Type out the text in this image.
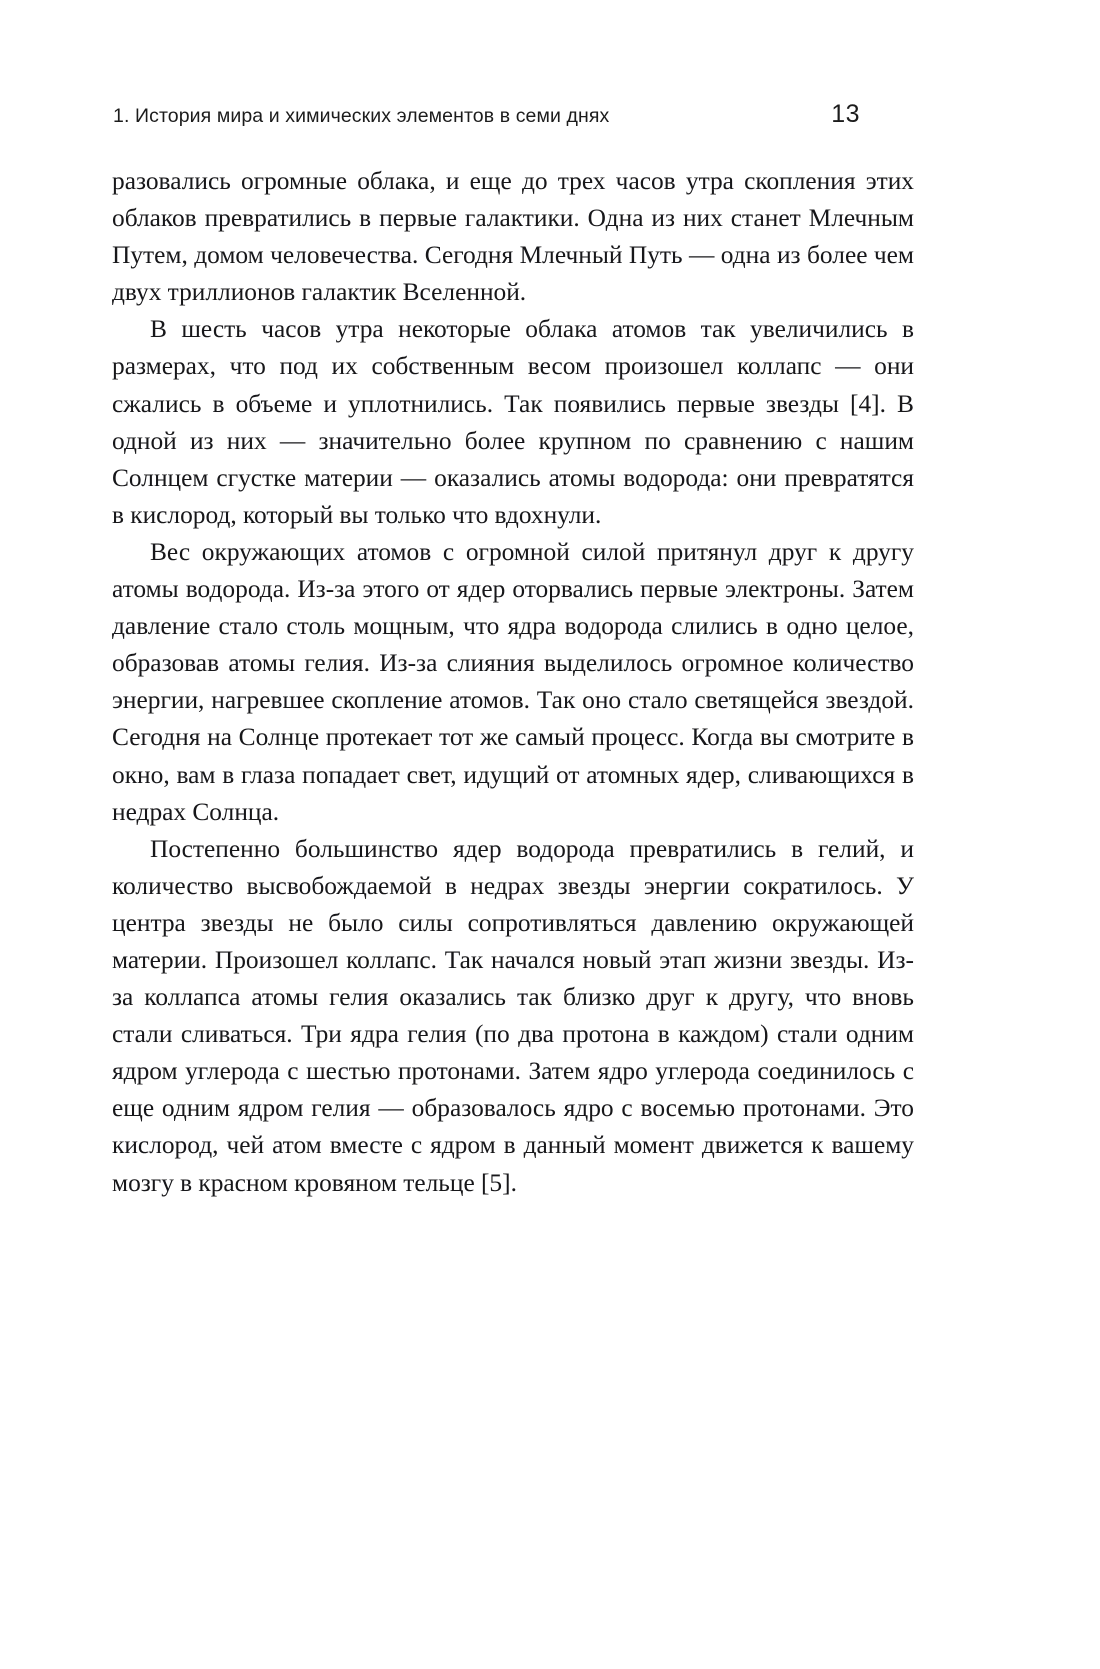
1. История мира и химических элементов в семи днях	13

разовались огромные облака, и еще до трех часов утра скопления этих облаков превратились в первые галактики. Одна из них станет Млечным Путем, домом человечества. Сегодня Млечный Путь — одна из более чем двух триллионов галактик Вселенной.

В шесть часов утра некоторые облака атомов так увеличились в размерах, что под их собственным весом произошел коллапс — они сжались в объеме и уплотнились. Так появились первые звезды [4]. В одной из них — значительно более крупном по сравнению с нашим Солнцем сгустке материи — оказались атомы водорода: они превратятся в кислород, который вы только что вдохнули.

Вес окружающих атомов с огромной силой притянул друг к другу атомы водорода. Из-за этого от ядер оторвались первые электроны. Затем давление стало столь мощным, что ядра водорода слились в одно целое, образовав атомы гелия. Из-за слияния выделилось огромное количество энергии, нагревшее скопление атомов. Так оно стало светящейся звездой. Сегодня на Солнце протекает тот же самый процесс. Когда вы смотрите в окно, вам в глаза попадает свет, идущий от атомных ядер, сливающихся в недрах Солнца.

Постепенно большинство ядер водорода превратились в гелий, и количество высвобождаемой в недрах звезды энергии сократилось. У центра звезды не было силы сопротивляться давлению окружающей материи. Произошел коллапс. Так начался новый этап жизни звезды. Из-за коллапса атомы гелия оказались так близко друг к другу, что вновь стали сливаться. Три ядра гелия (по два протона в каждом) стали одним ядром углерода с шестью протонами. Затем ядро углерода соединилось с еще одним ядром гелия — образовалось ядро с восемью протонами. Это кислород, чей атом вместе с ядром в данный момент движется к вашему мозгу в красном кровяном тельце [5].
